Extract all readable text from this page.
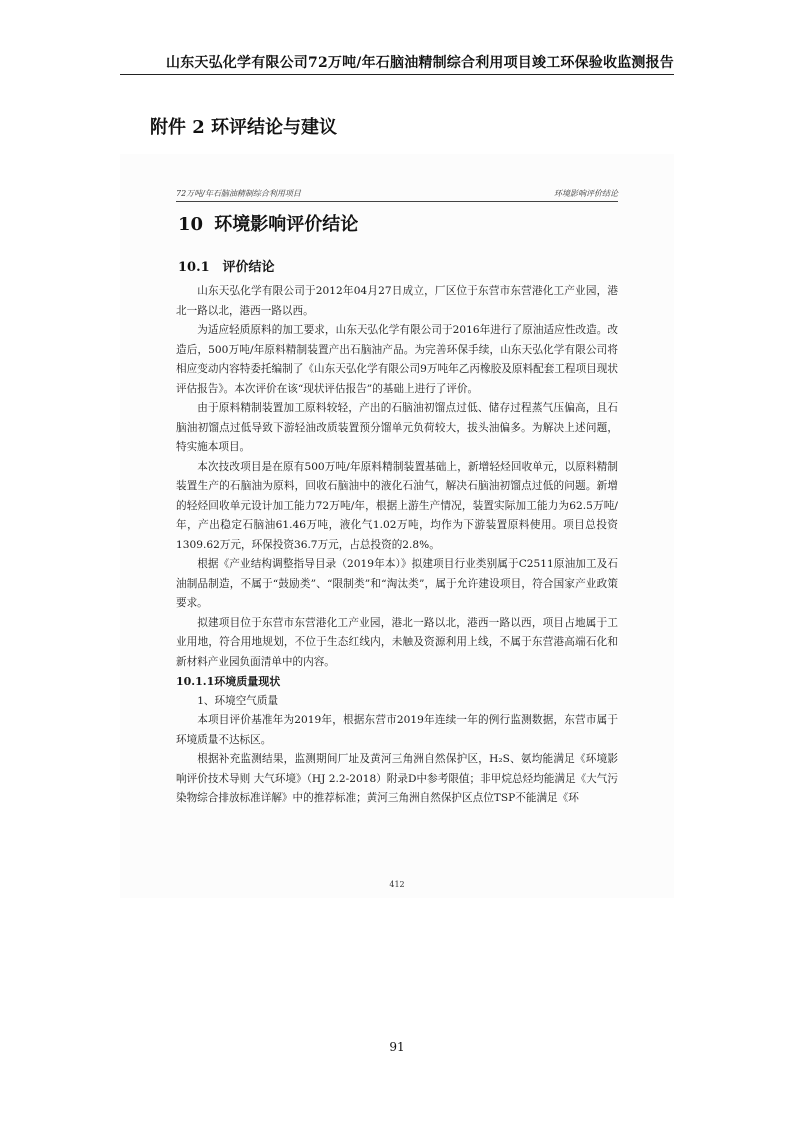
山东天弘化学有限公司72万吨/年石脑油精制综合利用项目竣工环保验收监测报告
附件 2 环评结论与建议
72万吨/年石脑油精制综合利用项目	环境影响评价结论
10 环境影响评价结论
10.1 评价结论

山东天弘化学有限公司于2012年04月27日成立，厂区位于东营市东营港化工产业园，港北一路以北，港西一路以西。

为适应轻质原料的加工要求，山东天弘化学有限公司于2016年进行了原油适应性改造。改造后，500万吨/年原料精制装置产出石脑油产品。为完善环保手续，山东天弘化学有限公司将相应变动内容特委托编制了《山东天弘化学有限公司9万吨年乙丙橡胶及原料配套工程项目现状评估报告》。本次评价在该“现状评估报告”的基础上进行了评价。

由于原料精制装置加工原料较轻，产出的石脑油初馏点过低、储存过程蒸气压偏高，且石脑油初馏点过低导致下游轻油改质装置预分馏单元负荷较大，拔头油偏多。为解决上述问题，特实施本项目。

本次技改项目是在原有500万吨/年原料精制装置基础上，新增轻烃回收单元，以原料精制装置生产的石脑油为原料，回收石脑油中的液化石油气，解决石脑油初馏点过低的问题。新增的轻烃回收单元设计加工能力72万吨/年，根据上游生产情况，装置实际加工能力为62.5万吨/年，产出稳定石脑油61.46万吨，液化气1.02万吨，均作为下游装置原料使用。项目总投资1309.62万元，环保投资36.7万元，占总投资的2.8%。

根据《产业结构调整指导目录（2019年本）》拟建项目行业类别属于C2511原油加工及石油制品制造，不属于“鼓励类”、“限制类”和“淘汰类”，属于允许建设项目，符合国家产业政策要求。

拟建项目位于东营市东营港化工产业园，港北一路以北，港西一路以西，项目占地属于工业用地，符合用地规划，不位于生态红线内，未触及资源利用上线，不属于东营港高端石化和新材料产业园负面清单中的内容。

10.1.1环境质量现状

1、环境空气质量

本项目评价基准年为2019年，根据东营市2019年连续一年的例行监测数据，东营市属于环境质量不达标区。

根据补充监测结果，监测期间厂址及黄河三角洲自然保护区，H₂S、氨均能满足《环境影响评价技术导则 大气环境》（HJ 2.2-2018）附录D中参考限值；非甲烷总烃均能满足《大气污染物综合排放标准详解》中的推荐标准；黄河三角洲自然保护区点位TSP不能满足《环

412
91
